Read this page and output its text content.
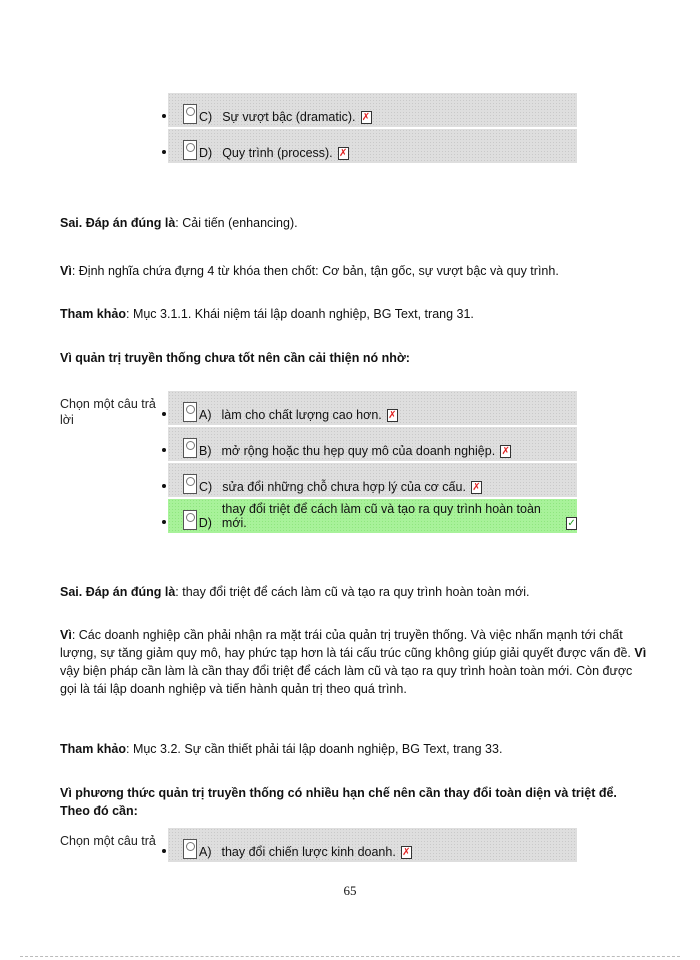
C) Sự vượt bậc (dramatic). ✗
D) Quy trình (process). ✗
Sai. Đáp án đúng là: Cải tiến (enhancing).
Vì: Định nghĩa chứa đựng 4 từ khóa then chốt: Cơ bản, tận gốc, sự vượt bậc và quy trình.
Tham khảo: Mục 3.1.1. Khái niệm tái lập doanh nghiệp, BG Text, trang 31.
Vì quản trị truyền thống chưa tốt nên cần cải thiện nó nhờ:
Chọn một câu trả lời	A) làm cho chất lượng cao hơn. ✗
B) mở rộng hoặc thu hẹp quy mô của doanh nghiệp. ✗
C) sửa đổi những chỗ chưa hợp lý của cơ cấu. ✗
D)
thay đổi triệt để cách làm cũ và tạo ra quy trình hoàn toàn mới.	✓
Sai. Đáp án đúng là: thay đổi triệt để cách làm cũ và tạo ra quy trình hoàn toàn mới.
Vì: Các doanh nghiệp cần phải nhận ra mặt trái của quản trị truyền thống. Và việc nhấn mạnh tới chất lượng, sự tăng giảm quy mô, hay phức tạp hơn là tái cấu trúc cũng không giúp giải quyết được vấn đề. Vì vậy biện pháp cần làm là cần thay đổi triệt để cách làm cũ và tạo ra quy trình hoàn toàn mới. Còn được gọi là tái lập doanh nghiệp và tiến hành quản trị theo quá trình.
Tham khảo: Mục 3.2. Sự cần thiết phải tái lập doanh nghiệp, BG Text, trang 33.
Vì phương thức quản trị truyền thống có nhiều hạn chế nên cần thay đổi toàn diện và triệt để. Theo đó cần:
Chọn một câu trả
A) thay đổi chiến lược kinh doanh. ✗
65
